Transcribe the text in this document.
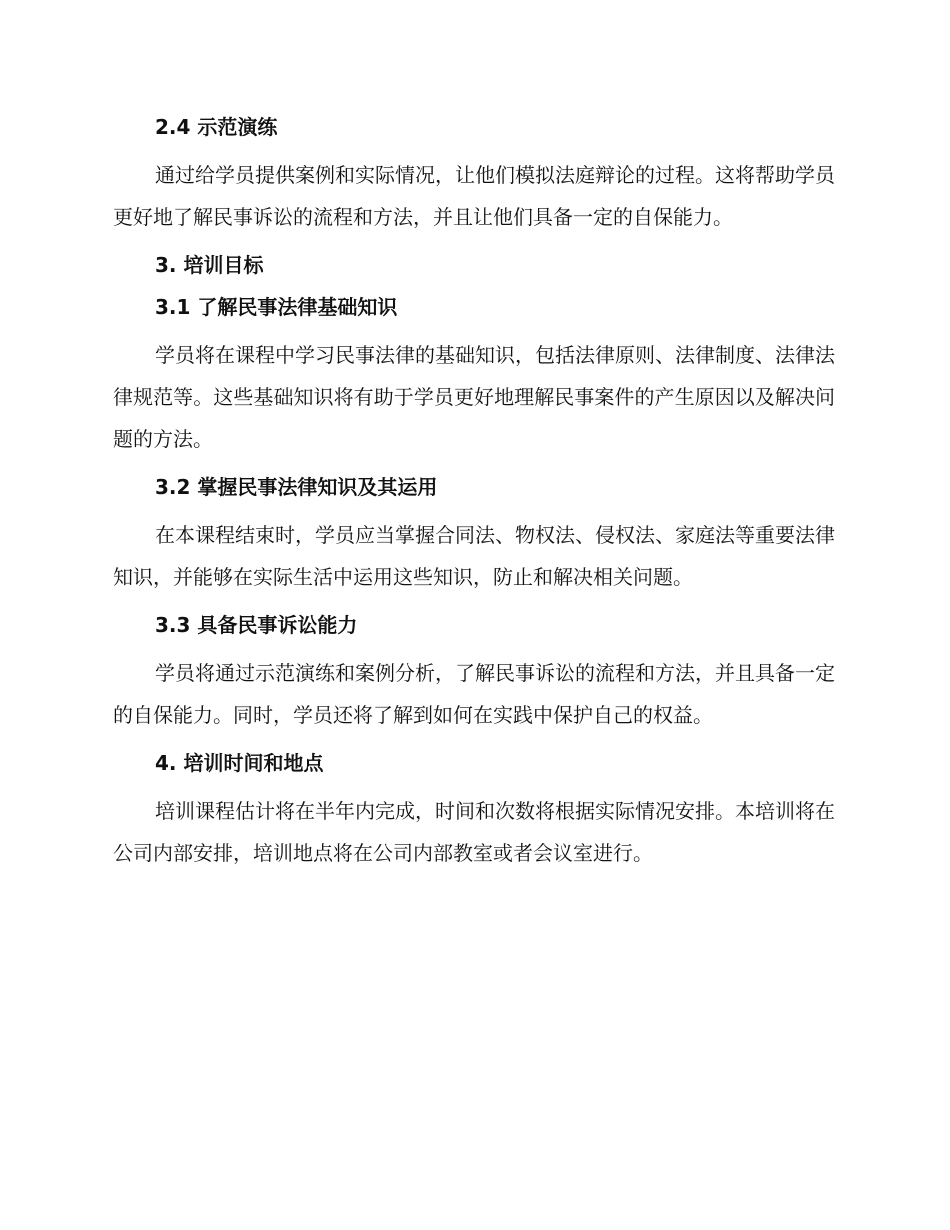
2.4 示范演练

通过给学员提供案例和实际情况，让他们模拟法庭辩论的过程。这将帮助学员更好地了解民事诉讼的流程和方法，并且让他们具备一定的自保能力。

3. 培训目标
3.1 了解民事法律基础知识

学员将在课程中学习民事法律的基础知识，包括法律原则、法律制度、法律法律规范等。这些基础知识将有助于学员更好地理解民事案件的产生原因以及解决问题的方法。

3.2 掌握民事法律知识及其运用

在本课程结束时，学员应当掌握合同法、物权法、侵权法、家庭法等重要法律知识，并能够在实际生活中运用这些知识，防止和解决相关问题。

3.3 具备民事诉讼能力

学员将通过示范演练和案例分析，了解民事诉讼的流程和方法，并且具备一定的自保能力。同时，学员还将了解到如何在实践中保护自己的权益。

4. 培训时间和地点

培训课程估计将在半年内完成，时间和次数将根据实际情况安排。本培训将在公司内部安排，培训地点将在公司内部教室或者会议室进行。
